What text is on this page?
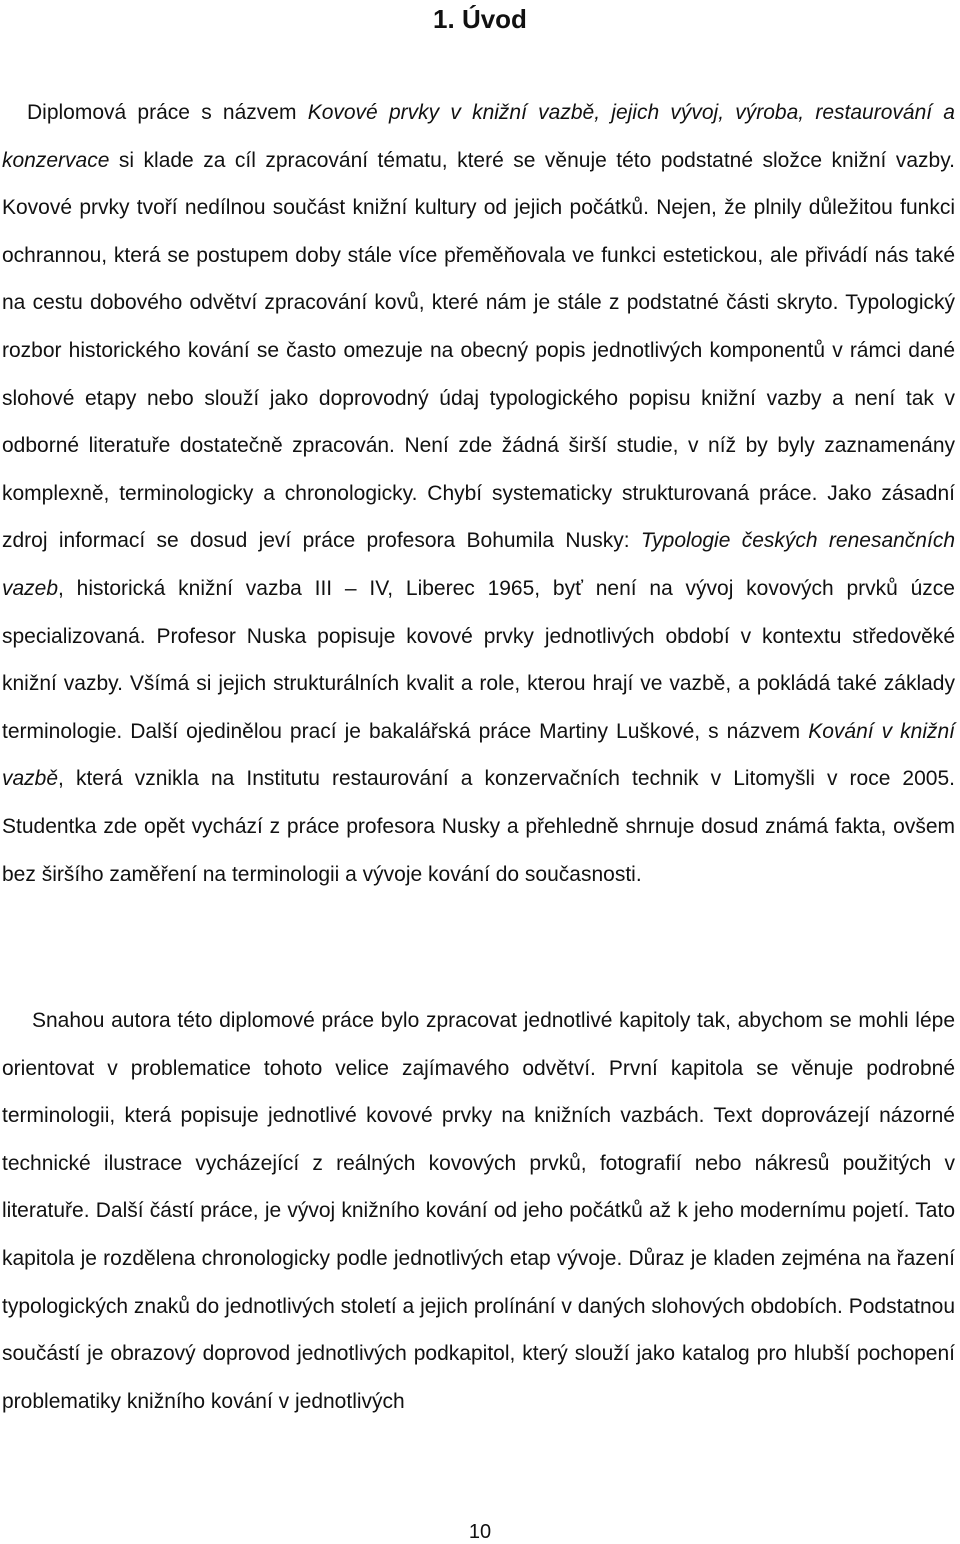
1. Úvod

Diplomová práce s názvem Kovové prvky v knižní vazbě, jejich vývoj, výroba, restaurování a konzervace si klade za cíl zpracování tématu, které se věnuje této podstatné složce knižní vazby. Kovové prvky tvoří nedílnou součást knižní kultury od jejich počátků. Nejen, že plnily důležitou funkci ochrannou, která se postupem doby stále více přeměňovala ve funkci estetickou, ale přivádí nás také na cestu dobového odvětví zpracování kovů, které nám je stále z podstatné části skryto. Typologický rozbor historického kování se často omezuje na obecný popis jednotlivých komponentů v rámci dané slohové etapy nebo slouží jako doprovodný údaj typologického popisu knižní vazby a není tak v odborné literatuře dostatečně zpracován. Není zde žádná širší studie, v níž by byly zaznamenány komplexně, terminologicky a chronologicky. Chybí systematicky strukturovaná práce. Jako zásadní zdroj informací se dosud jeví práce profesora Bohumila Nusky: Typologie českých renesančních vazeb, historická knižní vazba III – IV, Liberec 1965, byť není na vývoj kovových prvků úzce specializovaná. Profesor Nuska popisuje kovové prvky jednotlivých období v kontextu středověké knižní vazby. Všímá si jejich strukturálních kvalit a role, kterou hrají ve vazbě, a pokládá také základy terminologie. Další ojedinělou prací je bakalářská práce Martiny Luškové, s názvem Kování v knižní vazbě, která vznikla na Institutu restaurování a konzervačních technik v Litomyšli v roce 2005. Studentka zde opět vychází z práce profesora Nusky a přehledně shrnuje dosud známá fakta, ovšem bez širšího zaměření na terminologii a vývoje kování do současnosti.

Snahou autora této diplomové práce bylo zpracovat jednotlivé kapitoly tak, abychom se mohli lépe orientovat v problematice tohoto velice zajímavého odvětví. První kapitola se věnuje podrobné terminologii, která popisuje jednotlivé kovové prvky na knižních vazbách. Text doprovázejí názorné technické ilustrace vycházející z reálných kovových prvků, fotografií nebo nákresů použitých v literatuře. Další částí práce, je vývoj knižního kování od jeho počátků až k jeho modernímu pojetí. Tato kapitola je rozdělena chronologicky podle jednotlivých etap vývoje. Důraz je kladen zejména na řazení typologických znaků do jednotlivých století a jejich prolínání v daných slohových obdobích. Podstatnou součástí je obrazový doprovod jednotlivých podkapitol, který slouží jako katalog pro hlubší pochopení problematiky knižního kování v jednotlivých

10
